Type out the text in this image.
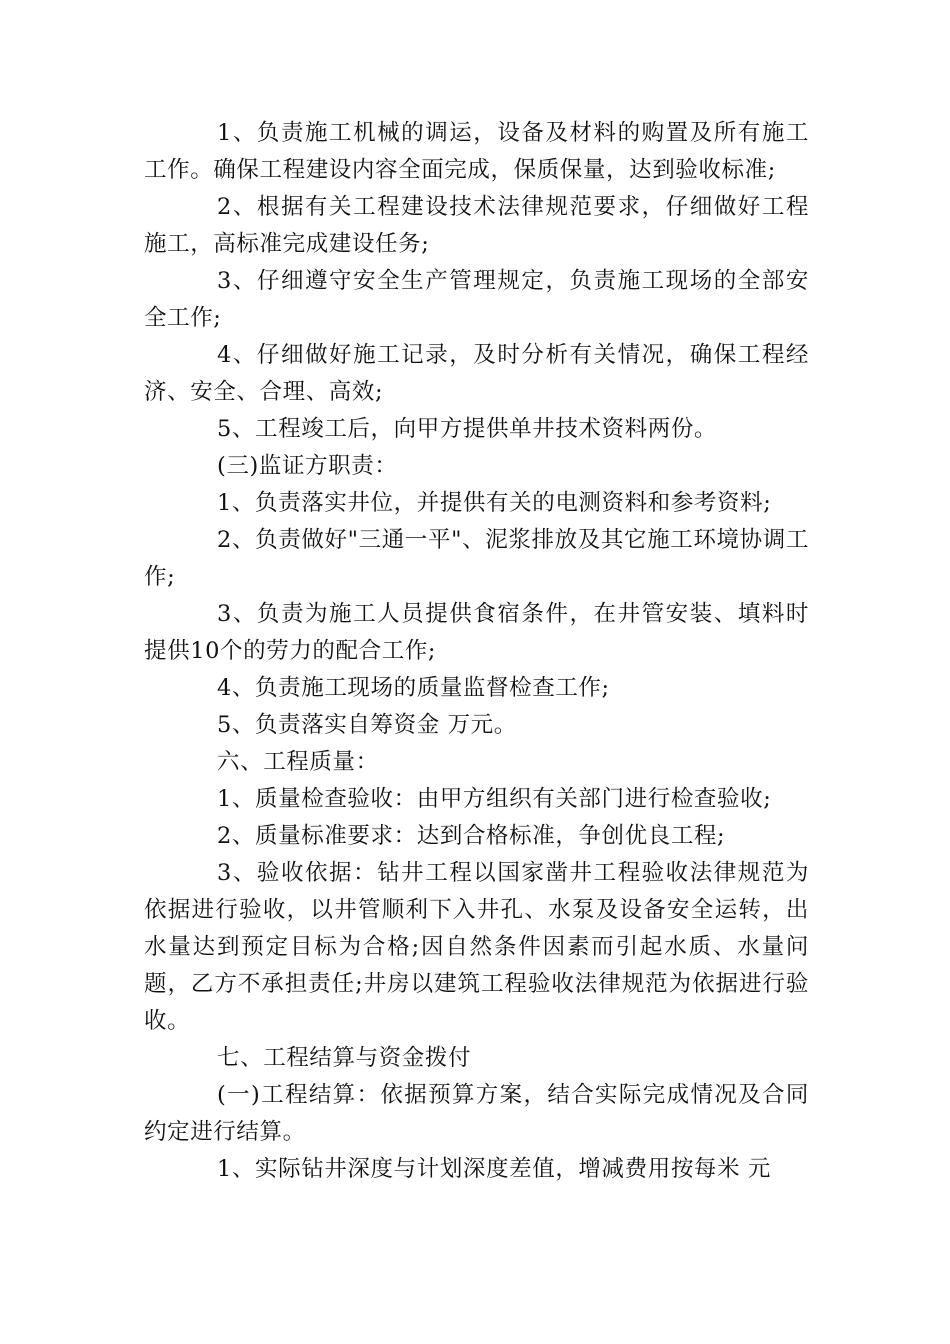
1、负责施工机械的调运，设备及材料的购置及所有施工工作。确保工程建设内容全面完成，保质保量，达到验收标准;

2、根据有关工程建设技术法律规范要求，仔细做好工程施工，高标准完成建设任务;

3、仔细遵守安全生产管理规定，负责施工现场的全部安全工作;

4、仔细做好施工记录，及时分析有关情况，确保工程经济、安全、合理、高效;

5、工程竣工后，向甲方提供单井技术资料两份。

(三)监证方职责：

1、负责落实井位，并提供有关的电测资料和参考资料;

2、负责做好"三通一平"、泥浆排放及其它施工环境协调工作;

3、负责为施工人员提供食宿条件，在井管安装、填料时提供10个的劳力的配合工作;

4、负责施工现场的质量监督检查工作;

5、负责落实自筹资金 万元。

六、工程质量：

1、质量检查验收：由甲方组织有关部门进行检查验收;

2、质量标准要求：达到合格标准，争创优良工程;

3、验收依据：钻井工程以国家凿井工程验收法律规范为依据进行验收，以井管顺利下入井孔、水泵及设备安全运转，出水量达到预定目标为合格;因自然条件因素而引起水质、水量问题，乙方不承担责任;井房以建筑工程验收法律规范为依据进行验收。

七、工程结算与资金拨付

(一)工程结算：依据预算方案，结合实际完成情况及合同约定进行结算。

1、实际钻井深度与计划深度差值，增减费用按每米 元
